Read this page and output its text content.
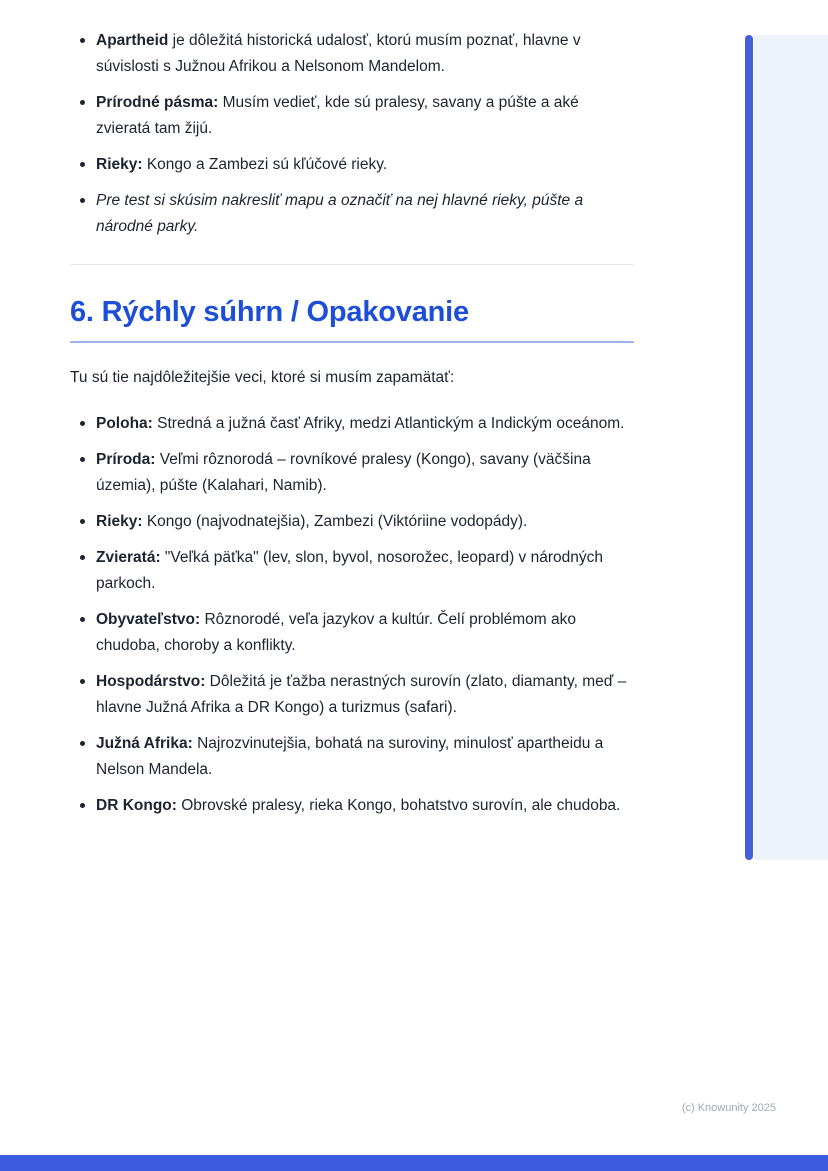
Apartheid je dôležitá historická udalosť, ktorú musím poznať, hlavne v súvislosti s Južnou Afrikou a Nelsonom Mandelom.
Prírodné pásma: Musím vedieť, kde sú pralesy, savany a púšte a aké zvieratá tam žijú.
Rieky: Kongo a Zambezi sú kľúčové rieky.
Pre test si skúsim nakresliť mapu a označiť na nej hlavné rieky, púšte a národné parky.
6. Rýchly súhrn / Opakovanie

Tu sú tie najdôležitejšie veci, ktoré si musím zapamätať:

Poloha: Stredná a južná časť Afriky, medzi Atlantickým a Indickým oceánom.
Príroda: Veľmi rôznorodá – rovníkové pralesy (Kongo), savany (väčšina územia), púšte (Kalahari, Namib).
Rieky: Kongo (najvodnatejšia), Zambezi (Viktóriine vodopády).
Zvieratá: "Veľká päťka" (lev, slon, byvol, nosorožec, leopard) v národných parkoch.
Obyvateľstvo: Rôznorodé, veľa jazykov a kultúr. Čelí problémom ako chudoba, choroby a konflikty.
Hospodárstvo: Dôležitá je ťažba nerastných surovín (zlato, diamanty, meď – hlavne Južná Afrika a DR Kongo) a turizmus (safari).
Južná Afrika: Najrozvinutejšia, bohatá na suroviny, minulosť apartheidu a Nelson Mandela.
DR Kongo: Obrovské pralesy, rieka Kongo, bohatstvo surovín, ale chudoba.
(c) Knowunity 2025
